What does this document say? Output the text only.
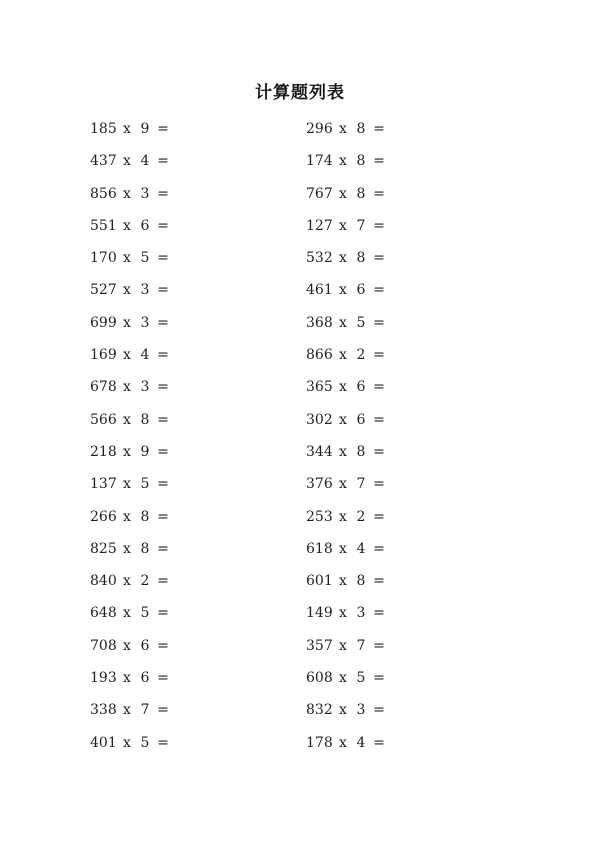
计算题列表
185 x 9 =
437 x 4 =
856 x 3 =
551 x 6 =
170 x 5 =
527 x 3 =
699 x 3 =
169 x 4 =
678 x 3 =
566 x 8 =
218 x 9 =
137 x 5 =
266 x 8 =
825 x 8 =
840 x 2 =
648 x 5 =
708 x 6 =
193 x 6 =
338 x 7 =
401 x 5 =
296 x 8 =
174 x 8 =
767 x 8 =
127 x 7 =
532 x 8 =
461 x 6 =
368 x 5 =
866 x 2 =
365 x 6 =
302 x 6 =
344 x 8 =
376 x 7 =
253 x 2 =
618 x 4 =
601 x 8 =
149 x 3 =
357 x 7 =
608 x 5 =
832 x 3 =
178 x 4 =
